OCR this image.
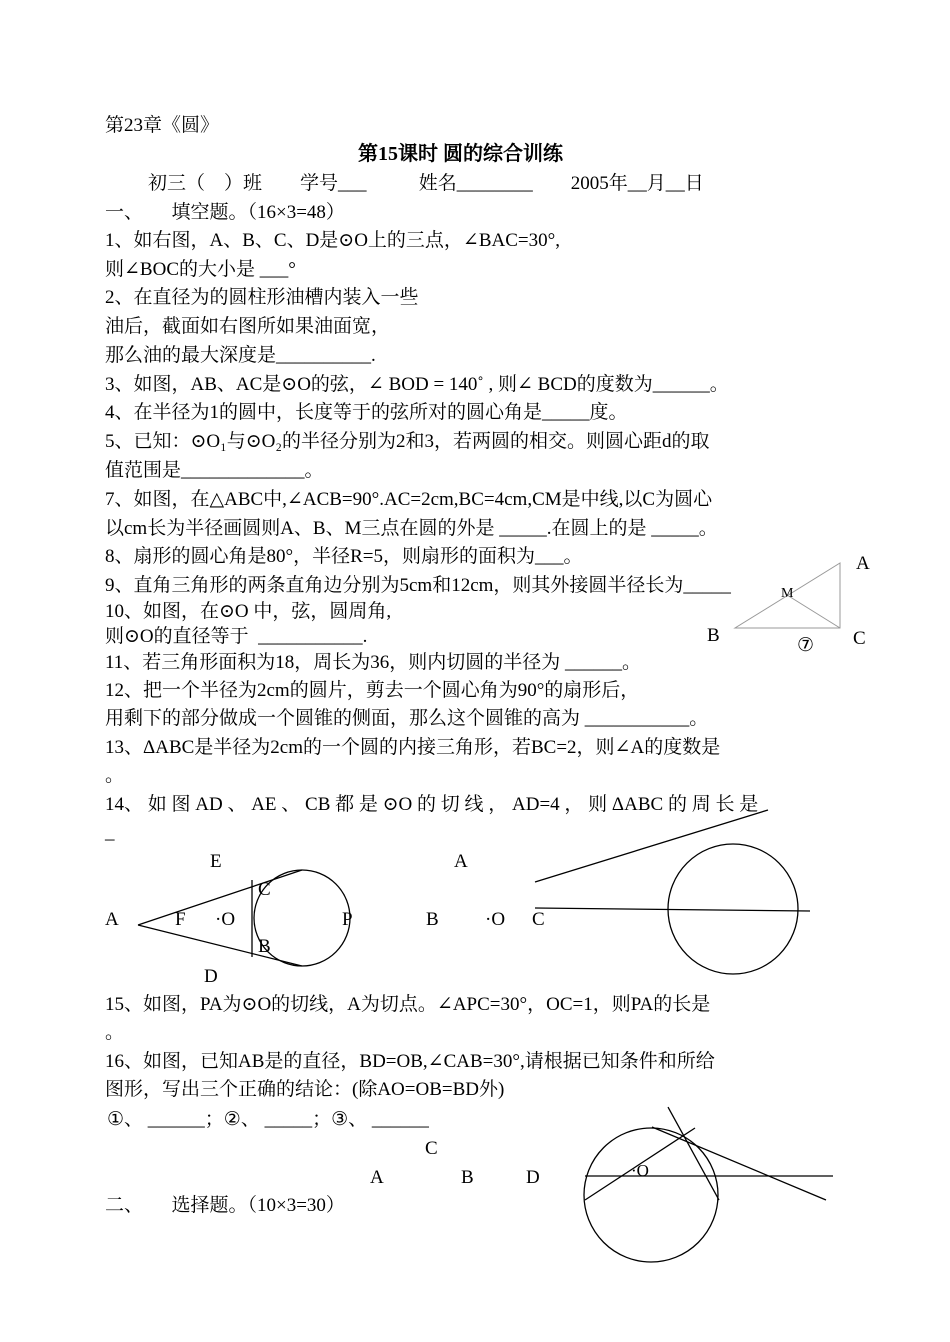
第23章《圆》
第15课时 圆的综合训练
初三（    ）班        学号___           姓名________        2005年__月__日
一、      填空题。（16×3=48）
1、如右图，A、B、C、D是⊙O上的三点，∠BAC=30°,
则∠BOC的大小是 ___°
2、在直径为的圆柱形油槽内装入一些
油后，截面如右图所如果油面宽，
那么油的最大深度是__________.
3、如图，AB、AC是⊙O的弦，∠ BOD = 140˚ , 则∠ BCD的度数为______。
4、在半径为1的圆中，长度等于的弦所对的圆心角是_____度。
5、已知：⊙O₁与⊙O₂的半径分别为2和3，若两圆的相交。则圆心距d的取
值范围是_____________。
7、如图，在△ABC中,∠ACB=90°.AC=2cm,BC=4cm,CM是中线,以C为圆心
以cm长为半径画圆则A、B、M三点在圆的外是 _____.在圆上的是 _____。
8、扇形的圆心角是80°，半径R=5，则扇形的面积为___。
9、直角三角形的两条直角边分别为5cm和12cm，则其外接圆半径长为_____
10、如图，在⊙O 中，弦，圆周角,
则⊙O的直径等于  ___________.
11、若三角形面积为18，周长为36，则内切圆的半径为 ______。
12、把一个半径为2cm的圆片，剪去一个圆心角为90°的扇形后，
用剩下的部分做成一个圆锥的侧面，那么这个圆锥的高为 ___________。
13、ΔABC是半径为2cm的一个圆的内接三角形，若BC=2，则∠A的度数是
。
14、 如 图 AD 、 AE 、 CB 都 是 ⊙O 的 切 线 ， AD=4 ， 则 ΔABC 的 周 长 是
_
15、如图，PA为⊙O的切线，A为切点。∠APC=30°，OC=1，则PA的长是
。
16、如图，已知AB是的直径，BD=OB,∠CAB=30°,请根据已知条件和所给
图形，写出三个正确的结论：(除AO=OB=BD外)
①、 ______；②、 _____；③、 ______
二、      选择题。（10×3=30）
A
M
B	C
⑦
E
A	F ·O
C
P
B
D
A
B ·O C
C
A	B	D	·O
